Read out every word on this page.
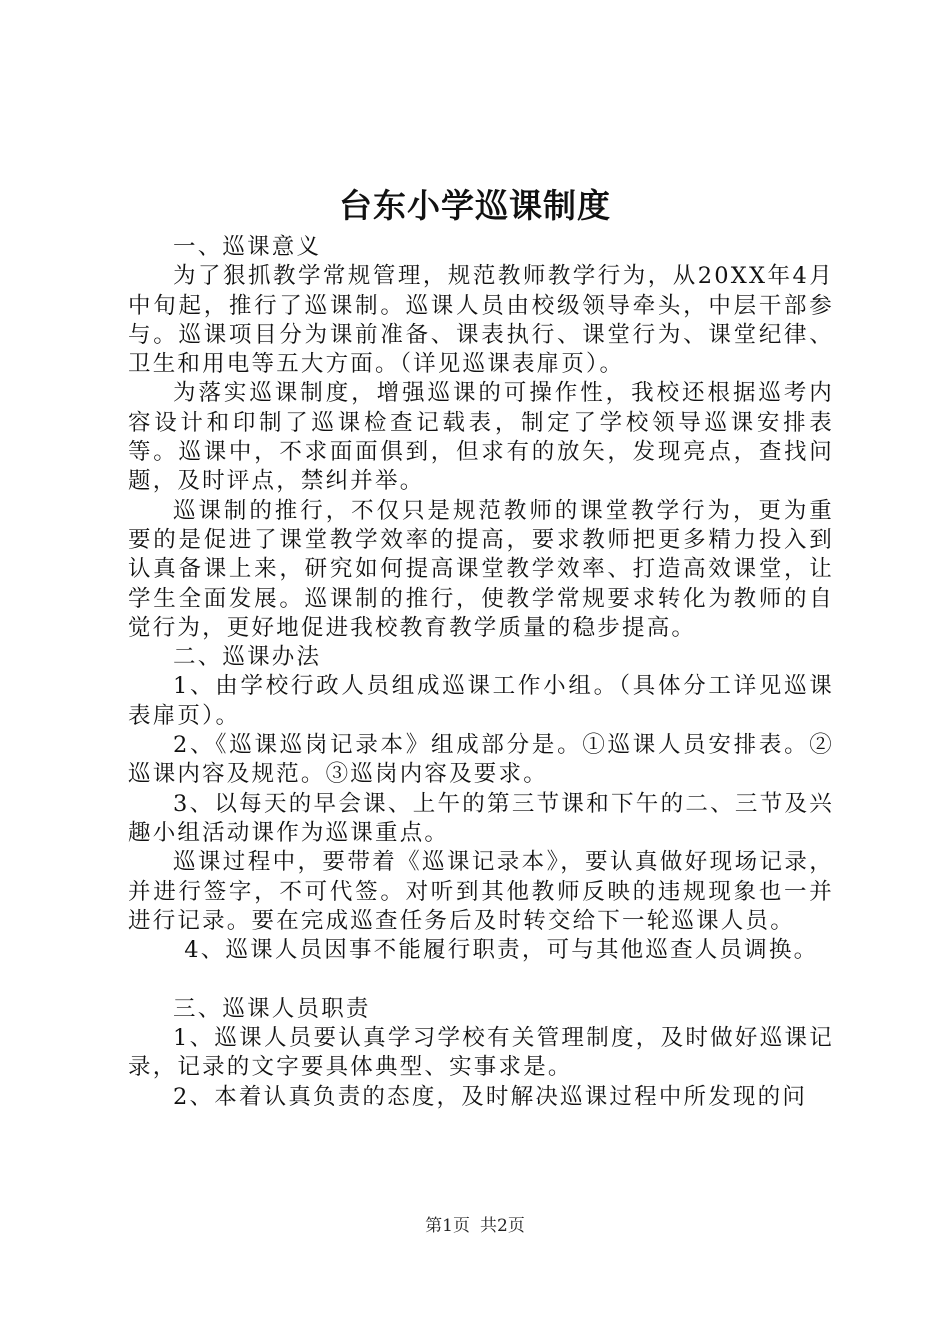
台东小学巡课制度

一、巡课意义

为了狠抓教学常规管理，规范教师教学行为，从20XX年4月中旬起，推行了巡课制。巡课人员由校级领导牵头，中层干部参与。巡课项目分为课前准备、课表执行、课堂行为、课堂纪律、卫生和用电等五大方面。（详见巡课表扉页）。

为落实巡课制度，增强巡课的可操作性，我校还根据巡考内容设计和印制了巡课检查记载表，制定了学校领导巡课安排表等。巡课中，不求面面俱到，但求有的放矢，发现亮点，查找问题，及时评点，禁纠并举。

巡课制的推行，不仅只是规范教师的课堂教学行为，更为重要的是促进了课堂教学效率的提高，要求教师把更多精力投入到认真备课上来，研究如何提高课堂教学效率、打造高效课堂，让学生全面发展。巡课制的推行，使教学常规要求转化为教师的自觉行为，更好地促进我校教育教学质量的稳步提高。

二、巡课办法

1、由学校行政人员组成巡课工作小组。（具体分工详见巡课表扉页）。

2、《巡课巡岗记录本》组成部分是。①巡课人员安排表。②巡课内容及规范。③巡岗内容及要求。

3、以每天的早会课、上午的第三节课和下午的二、三节及兴趣小组活动课作为巡课重点。

巡课过程中，要带着《巡课记录本》，要认真做好现场记录，并进行签字，不可代签。对听到其他教师反映的违规现象也一并进行记录。要在完成巡查任务后及时转交给下一轮巡课人员。

4、巡课人员因事不能履行职责，可与其他巡查人员调换。

三、巡课人员职责

1、巡课人员要认真学习学校有关管理制度，及时做好巡课记录，记录的文字要具体典型、实事求是。

2、本着认真负责的态度，及时解决巡课过程中所发现的问

第1页 共2页
